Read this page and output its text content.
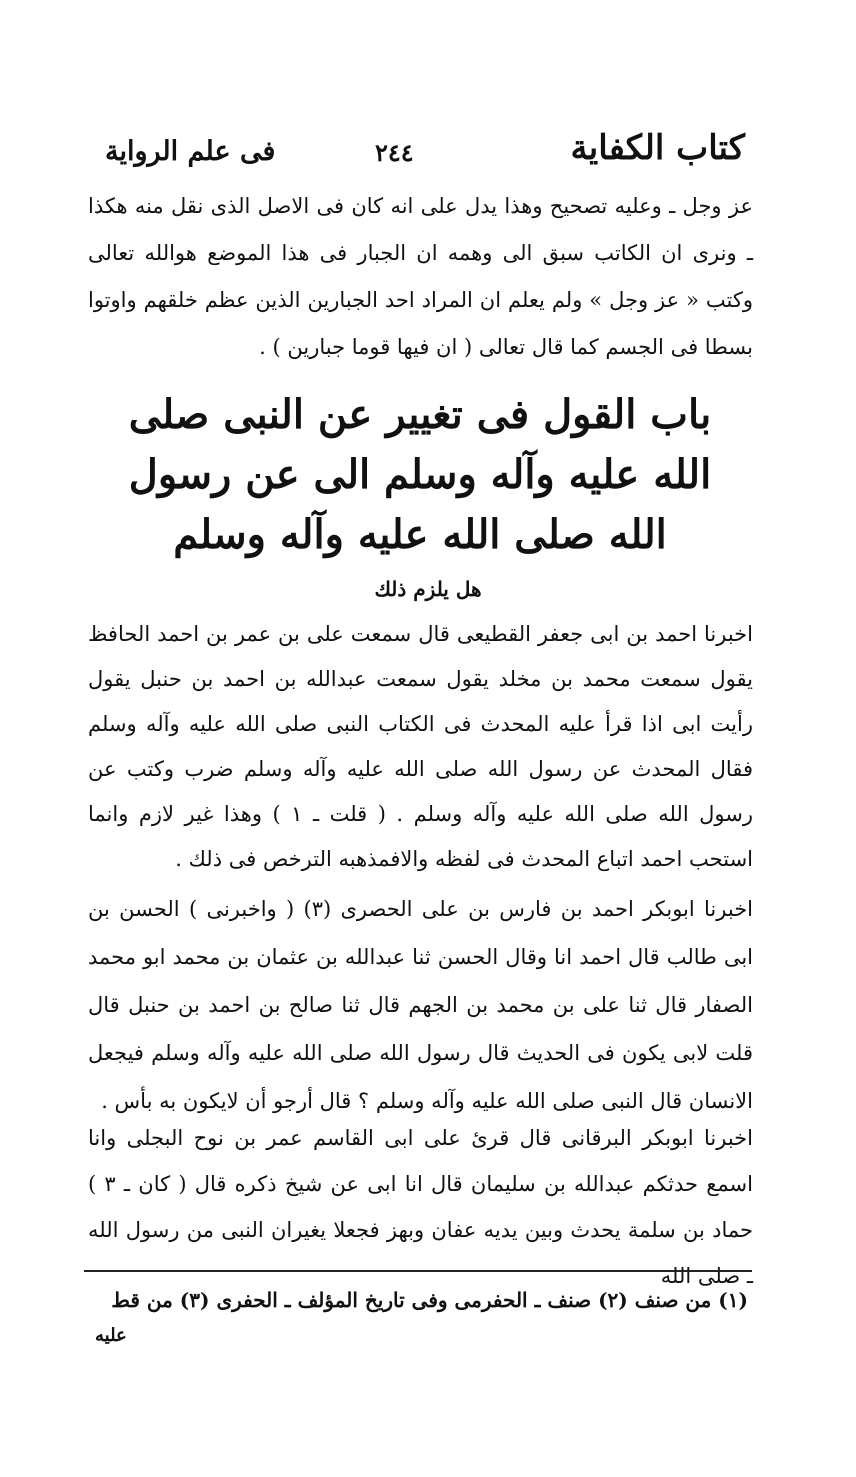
كتاب الكفاية
٢٤٤
فى علم الرواية
عز وجل ـ وعليه تصحيح وهذا يدل على انه كان فى الاصل الذى نقل منه هكذا ـ ونرى ان الكاتب سبق الى وهمه ان الجبار فى هذا الموضع هوالله تعالى وكتب « عز وجل » ولم يعلم ان المراد احد الجبارين الذين عظم خلقهم واوتوا بسطا فى الجسم كما قال تعالى ( ان فيها قوما جبارين ) .
باب القول فى تغيير عن النبى صلى الله عليه وآله وسلم الى عن رسول الله صلى الله عليه وآله وسلم
هل يلزم ذلك
اخبرنا احمد بن ابى جعفر القطيعى قال سمعت على بن عمر بن احمد الحافظ يقول سمعت محمد بن مخلد يقول سمعت عبدالله بن احمد بن حنبل يقول رأيت ابى اذا قرأ عليه المحدث فى الكتاب النبى صلى الله عليه وآله وسلم فقال المحدث عن رسول الله صلى الله عليه وآله وسلم ضرب وكتب عن رسول الله صلى الله عليه وآله وسلم . ( قلت ـ ١ ) وهذا غير لازم وانما استحب احمد اتباع المحدث فى لفظه والافمذهبه الترخص فى ذلك .
اخبرنا ابوبكر احمد بن فارس بن على الحصرى (٣) ( واخبرنى ) الحسن بن ابى طالب قال احمد انا وقال الحسن ثنا عبدالله بن عثمان بن محمد ابو محمد الصفار قال ثنا على بن محمد بن الجهم قال ثنا صالح بن احمد بن حنبل قال قلت لابى يكون فى الحديث قال رسول الله صلى الله عليه وآله وسلم فيجعل الانسان قال النبى صلى الله عليه وآله وسلم ؟ قال أرجو أن لايكون به بأس .
اخبرنا ابوبكر البرقانى قال قرئ على ابى القاسم عمر بن نوح البجلى وانا اسمع حدثكم عبدالله بن سليمان قال انا ابى عن شيخ ذكره قال ( كان ـ ٣ ) حماد بن سلمة يحدث وبين يديه عفان وبهز فجعلا يغيران النبى من رسول الله ـ صلى الله
(١) من صنف (٢) صنف ـ الحفرمى وفى تاريخ المؤلف ـ الحفرى (٣) من قط
عليه
